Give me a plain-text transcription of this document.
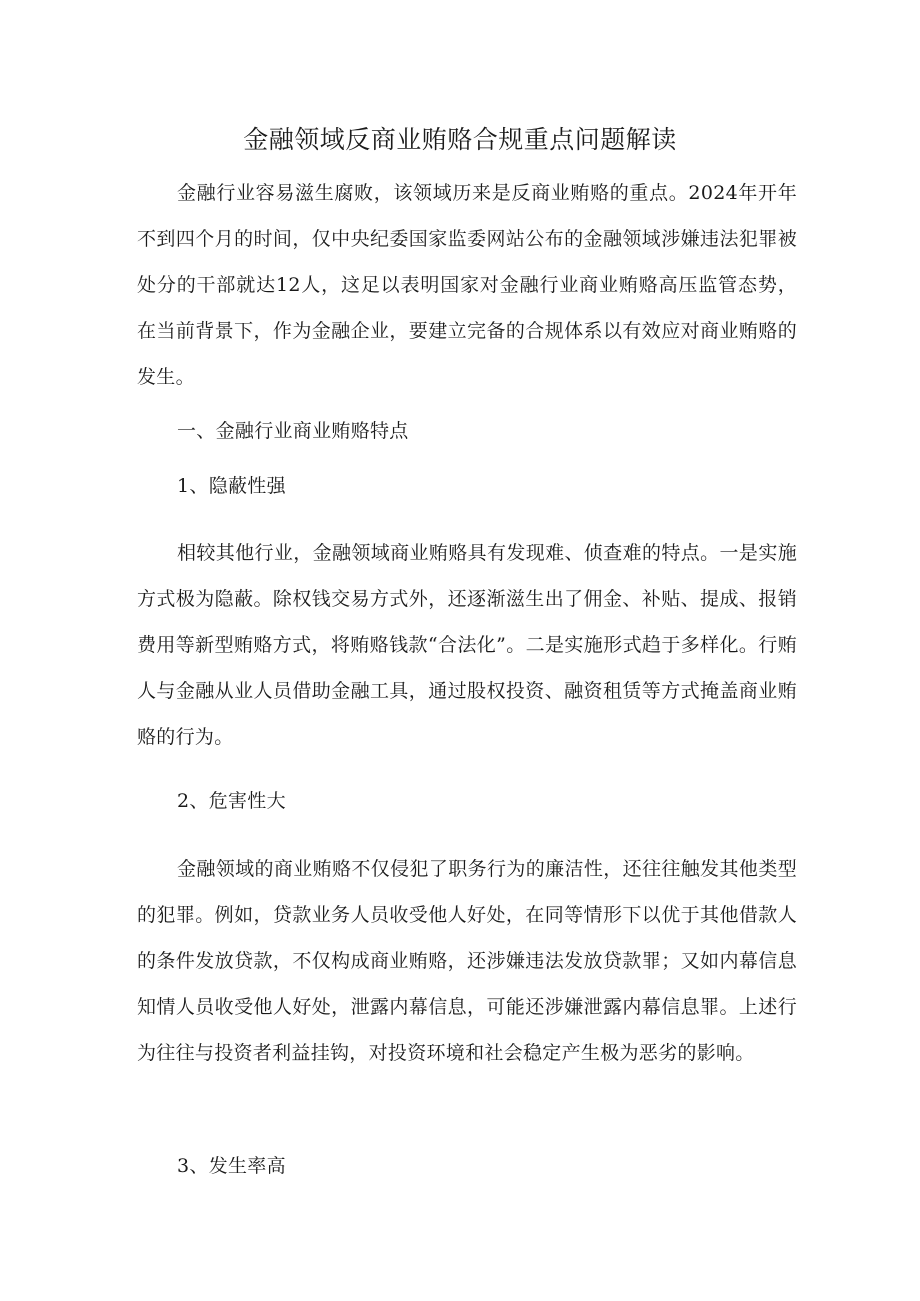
金融领域反商业贿赂合规重点问题解读

金融行业容易滋生腐败，该领域历来是反商业贿赂的重点。2024年开年不到四个月的时间，仅中央纪委国家监委网站公布的金融领域涉嫌违法犯罪被处分的干部就达12人，这足以表明国家对金融行业商业贿赂高压监管态势，在当前背景下，作为金融企业，要建立完备的合规体系以有效应对商业贿赂的发生。

一、金融行业商业贿赂特点
1、隐蔽性强

相较其他行业，金融领域商业贿赂具有发现难、侦查难的特点。一是实施方式极为隐蔽。除权钱交易方式外，还逐渐滋生出了佣金、补贴、提成、报销费用等新型贿赂方式，将贿赂钱款“合法化”。二是实施形式趋于多样化。行贿人与金融从业人员借助金融工具，通过股权投资、融资租赁等方式掩盖商业贿赂的行为。

2、危害性大

金融领域的商业贿赂不仅侵犯了职务行为的廉洁性，还往往触发其他类型的犯罪。例如，贷款业务人员收受他人好处，在同等情形下以优于其他借款人的条件发放贷款，不仅构成商业贿赂，还涉嫌违法发放贷款罪；又如内幕信息知情人员收受他人好处，泄露内幕信息，可能还涉嫌泄露内幕信息罪。上述行为往往与投资者利益挂钩，对投资环境和社会稳定产生极为恶劣的影响。

3、发生率高
